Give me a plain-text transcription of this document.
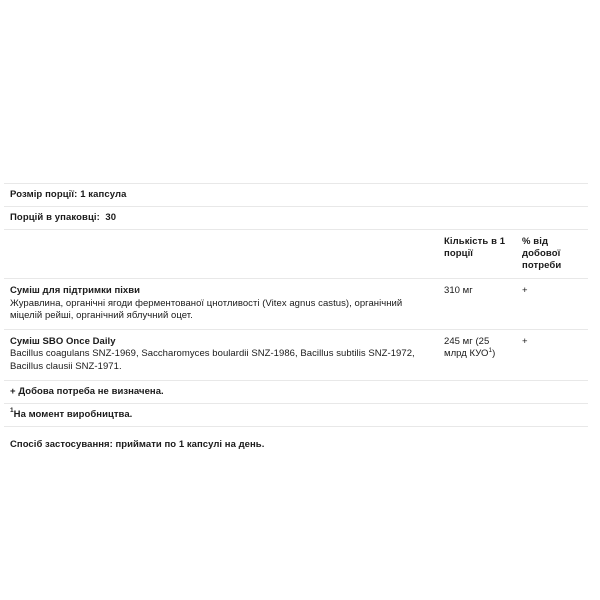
Розмір порції: 1 капсула		
Порцій в упаковці: 30		
	Кількість в 1 порції	% від добової потреби

Суміш для підтримки піхви
Журавлина, органічні ягоди ферментованої цнотливості (Vitex agnus castus), органічний міцелій рейші, органічний яблучний оцет.	310 мг	+

Суміш SBO Once Daily
Bacillus coagulans SNZ-1969, Saccharomyces boulardii SNZ-1986, Bacillus subtilis SNZ-1972, Bacillus clausii SNZ-1971.	245 мг (25 млрд КУО$^1$)	+
+ Добова потреба не визначена.		
$^1$На момент виробництва.		

Спосіб застосування: приймати по 1 капсулі на день.
